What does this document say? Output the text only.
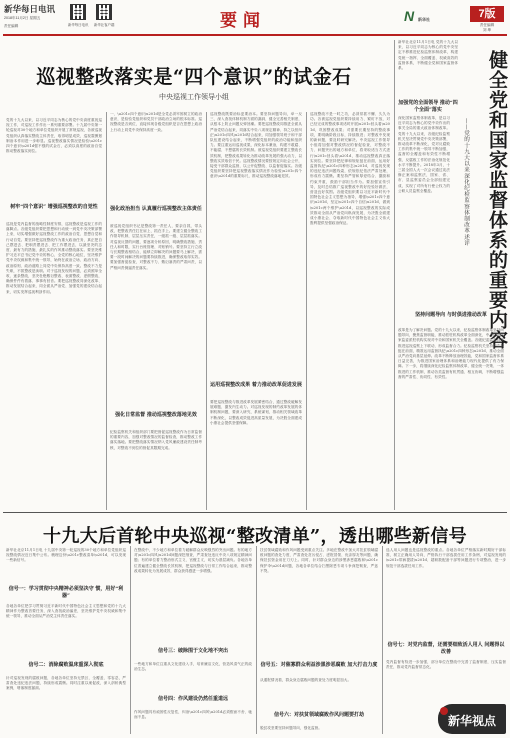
新华每日电讯
2018年11月2日 星期五
责任编辑	新华每日电讯 新华社客户端	要闻	N 新华社	7版
责任编辑
刘 坤
巡视整改落实是“四个意识”的试金石
中央巡视工作领导小组
党的十九大以来，以习近平同志为核心的党中央高度重视巡视工作，对巡视工作作出一系列重要部署。十九届中央第一轮巡视对30个地方和单位党组织开展了常规巡视，各被巡视党组织认真落实整改主体责任，取得明显成效，巡视震慑遏制治本作用进一步彰显。巡视整改落实情况是检验\u201c四个意识\u201d强不强的试金石，必须以高度的政治自觉推动整改落实到位。
树牢“四个意识” 增强巡视整改的自觉性
巡视是党内监督的战略性制度安排，巡视整改是巡视工作的落脚点。各级党组织要把思想和行动统一到党中央决策部署上来，切实增强做好巡视整改工作的政治自觉、思想自觉和行动自觉。要坚持把巡视整改作为重大政治任务，真正把自己摆进去、把职责摆进去、把工作摆进去，以最坚决的态度、最有力的措施、最扎实的作风推动整改落实。要坚决维护习近平总书记党中央的核心、全党的核心地位，坚决维护党中央权威和集中统一领导，始终在政治立场、政治方向、政治原则、政治道路上同党中央保持高度一致。整改不力是失职，不抓整改是渎职。对于巡视发现的问题，必须照单全收、逐条整改，坚决杜绝敷衍整改、表面整改、虚假整改，确保件件有着落、事事有回音。要把巡视整改同深化改革、推动发展结合起来，同全面从严治党、加强党的建设结合起来，切实发挥巡视利剑作用。
一、\u201c四个意识\u201d是全党必须牢固树立的政治意识，是检验党组织和党员干部政治立场的根本标准。巡视整改是否到位，直接体现各级党组织是否在思想上政治上行动上同党中央保持高度一致。
强化政治担当 认真履行巡视整改主体责任
被巡视党组织书记是整改第一责任人，要亲自抓、带头改，把整改责任扛在肩上、抓在手上。要建立健全整改工作领导机制，层层压实责任，一级抓一级、层层抓落实。对巡视反馈的问题，要逐项分析原因，明确整改措施、责任人和时限，实行台账管理、对账销号。要坚持立行立改与长期整改相结合，能够立即解决的问题要马上解决，需要一段时间解决的问题要持续推进，确保整改取得实效。要加强督促检查，对整改不力、敷衍塞责的严肃问责，以严格问责倒逼责任落实。
强化日常监督 推动巡视整改落地见效
纪检监察机关和组织部门要把督促巡视整改作为日常监督的重要内容，加强对整改情况的监督检查，推动整改工作落实落地。要把整改落实情况纳入党风廉政建设责任制考核，对整改不到位的督促其限期完成。
巡视整改既要治标更要治本。要坚持问题导向，举一反三，深入查找体制机制方面的漏洞，健全完善相关制度，从根本上防止问题反弹回潮。要把巡视整改同推进全面从严治党结合起来，同落实中央八项规定精神、持之以恒纠正\u201c四风\u201d结合起来，同加强领导班子和干部队伍建设结合起来，不断增强党组织的政治功能和组织力。要注重运用巡视成果，深化标本兼治，构建不敢腐、不能腐、不想腐的长效机制。被巡视党组织要建立整改长效机制，把整改成果转化为推动改革发展的强大动力，以整改实效取信于民。巡视整改情况要按规定向社会公开，接受干部群众监督，以公开促整改、以监督促落实。各级党组织要坚持把巡视整改落实情况作为检验\u201c四个意识\u201d的重要标尺，推动巡视整改落地见效。
运用巡视整改成果 着力推动改革促进发展
要把巡视整改与推进改革发展紧密结合，通过整改破解发展难题、激发内生动力。对巡视发现的制约改革发展的体制机制问题，要深入研究、系统谋划，推动相关领域改革不断深化，以整改成效促进高质量发展，为决胜全面建成小康社会提供坚强保障。
巡视整改不是一时之功，必须常抓不懈、久久为功。各被巡视党组织要持续用力、紧盯不放，对已经完成的整改事项适时开展\u201c回头看\u201d，巩固整改成果；对需要长期坚持的整改事项，要明确阶段目标，持续推进；对整改中发现的新问题，要及时研究解决。中央巡视工作领导小组将加强对整改情况的督促检查，对整改不力、问题突出的地方和单位，将采取适当方式进行\u201c回头看\u201d，推动巡视整改真正落实到位。要坚持把纪律和规矩挺在前面，运用好监督执纪\u201c四种形态\u201d，对巡视发现的违纪违法问题线索，依规依纪依法严肃处理，形成有力震慑。要坚持严管和厚爱结合、激励和约束并重，鼓励干部担当作为。要加强宣传引导，及时总结推广巡视整改中的好经验好做法，营造良好氛围。各级党组织要以习近平新时代中国特色社会主义思想为指导，增强\u201c四个意识\u201d，坚定\u201c四个自信\u201d，做到\u201c两个维护\u201d，以巡视整改的实际成效推动全面从严治党向纵深发展，为决胜全面建成小康社会、夺取新时代中国特色社会主义伟大胜利提供坚强政治保证。
新华社北京11月1日电 党的十九大以来，以习近平同志为核心的党中央坚定不移推进纪检监察体制改革，构建党统一指挥、全面覆盖、权威高效的监督体系，不断健全党和国家监督体系。	健全党和国家监督体系的重要内容
——党的十九大以来深化纪检监察体制改革述评
加强党的全面领导 推动“四个全面”落实
深化国家监察体制改革，是以习近平同志为核心的党中央作出的事关全局的重大政治体制改革。党的十九大以来，各级纪检监察机关坚决贯彻党中央决策部署，推动改革不断深化，党对反腐败工作的集中统一领导不断加强，监督的全覆盖和有效性不断增强，反腐败工作的法治化规范化水平不断提升。2018年3月，十三届全国人大一次会议通过宪法修正案和监察法，国家、省、市、县监察委员会全部组建完成，实现了对所有行使公权力的公职人员监察全覆盖。
坚持问题导向 与时俱进推动改革
改革是为了解决问题。党的十九大以来，纪检监察体制改革坚持问题导向，聚焦监督职能，推动派驻机构改革全面深化，中央纪委国家监委派驻机构实现对中央和国家机关全覆盖。各级纪委监委持续推进巡视巡察上下联动，形成监督合力。纪检监察机关坚持把监督挺在前面，精准运用监督执纪\u201c四种形态\u201d，推动全面从严治党向基层延伸。改革不断释放治理效能，党和国家监督体系日益完善，为推进国家治理体系和治理能力现代化提供了有力保障。下一步，将继续深化纪检监察体制改革，健全统一决策、一体推进的工作机制，推动各类监督有机贯通、相互协调，不断增强监督的严肃性、协同性、有效性。
十九大后首轮中央巡视“整改清单”，透出哪些新信号
新华社北京11月1日电 十九届中央第一轮巡视的30个地方和单位党组织巡视整改情况近日集中公布。梳理这份\u201c整改清单\u201d，可以发现一些新信号。
信号一：学习贯彻中央精神必须坚决守 惯，用好“利器”
各地各单位把学习贯彻习近平新时代中国特色社会主义思想和党的十九大精神作为整改首要任务，深入查找政治偏差，坚决维护党中央权威和集中统一领导，推动全面从严治党主体责任落实。
信号二：消除腐败温床重深入彻底
针对巡视发现的腐败问题，各地各单位坚持无禁区、全覆盖、零容忍，严肃查处违纪违法问题，持续形成震慑。同时注重以案促改，深入剖析典型案例，堵塞制度漏洞。
在整改中，不少地方和单位着力破解群众反映强烈的突出问题。有的地方对\u201c四风\u201d问题深挖细查，严肃查处违反中央八项规定精神问题；有的单位着力整治形式主义、官僚主义，切实为基层减负。各地各单位普遍建立健全整改长效机制，把巡视整改与日常工作结合起来，推动整改成果转化为发展成效，群众获得感进一步增强。
信号三：破除围于文化地不突出
一些地方和单位注重从文化建设入手，培育廉洁文化，营造风清气正的政治生态。
信号四：作风建设仍然任重道远
作风问题具有顽固性反复性，纠治\u201c四风\u201d必须锲而不舍、驰而不息。
扶贫领域腐败和作风问题受到重点关注。多地在整改中加大对扶贫领域腐败问题的查处力度，严肃查处贪污侵占、虚报冒领、优亲厚友等问题，确保扶贫资金用在刀刃上。同时，针对群众身边的涉黑涉恶腐败和\u201c保护伞\u201d问题，各地各单位结合扫黑除恶专项斗争深挖彻查，严惩不贷。
信号五：对催寡群众利益涉黑涉恶腐败 加大打击力度
从通报情况看，群众身边腐败问题的查处力度明显加大。
信号六：对扶贫领域腐败作风问题要打劫
脱贫攻坚要坚持问题导向，强化监督。
选人用人问题也是巡视整改的重点。各地各单位严格落实新时期好干部标准，树立正确用人导向，严格执行干部选拔任用工作条例，对巡视发现的\u201c带病提拔\u201d、超职数配备干部等问题进行专项整治，进一步规范干部选拔任用工作。
信号七：对党内监督，还需要细致活人用人 问题得以改善
党内监督有待进一步加强，部分单位在整改中完善了监督制度，压实监督责任，推动党内监督常态化。
新华视点
